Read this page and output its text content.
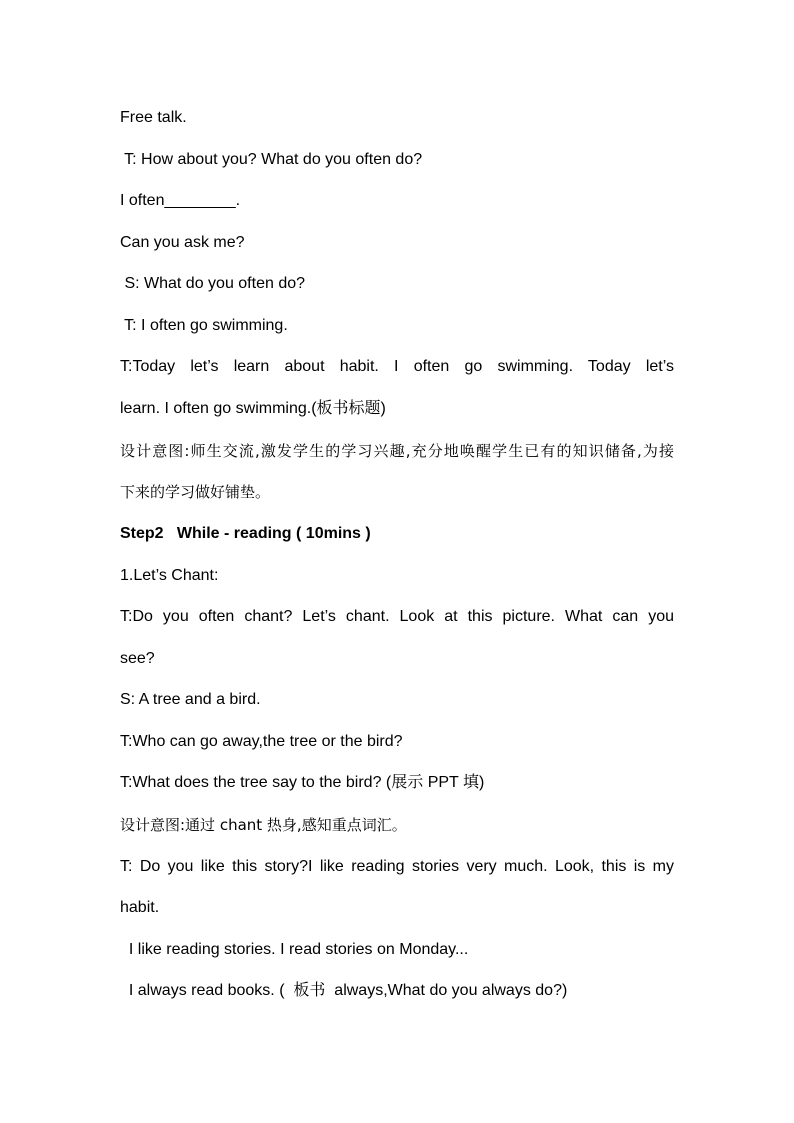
Free talk.
T: How about you? What do you often do?
I often________.
Can you ask me?
S: What do you often do?
T: I often go swimming.
T:Today let’s learn about habit. I often go swimming. Today let’s
learn. I often go swimming.(板书标题)
设计意图:师生交流,激发学生的学习兴趣,充分地唤醒学生已有的知识储备,为接
下来的学习做好铺垫。
Step2   While - reading ( 10mins )
1.Let’s Chant:
T:Do you often chant? Let’s chant. Look at this picture. What can you
see?
S: A tree and a bird.
T:Who can go away,the tree or the bird?
T:What does the tree say to the bird? (展示 PPT 填)
设计意图:通过 chant 热身,感知重点词汇。
T: Do you like this story?I like reading stories very much. Look, this is my
habit.
I like reading stories. I read stories on Monday...
I always read books. (  板书  always,What do you always do?)
